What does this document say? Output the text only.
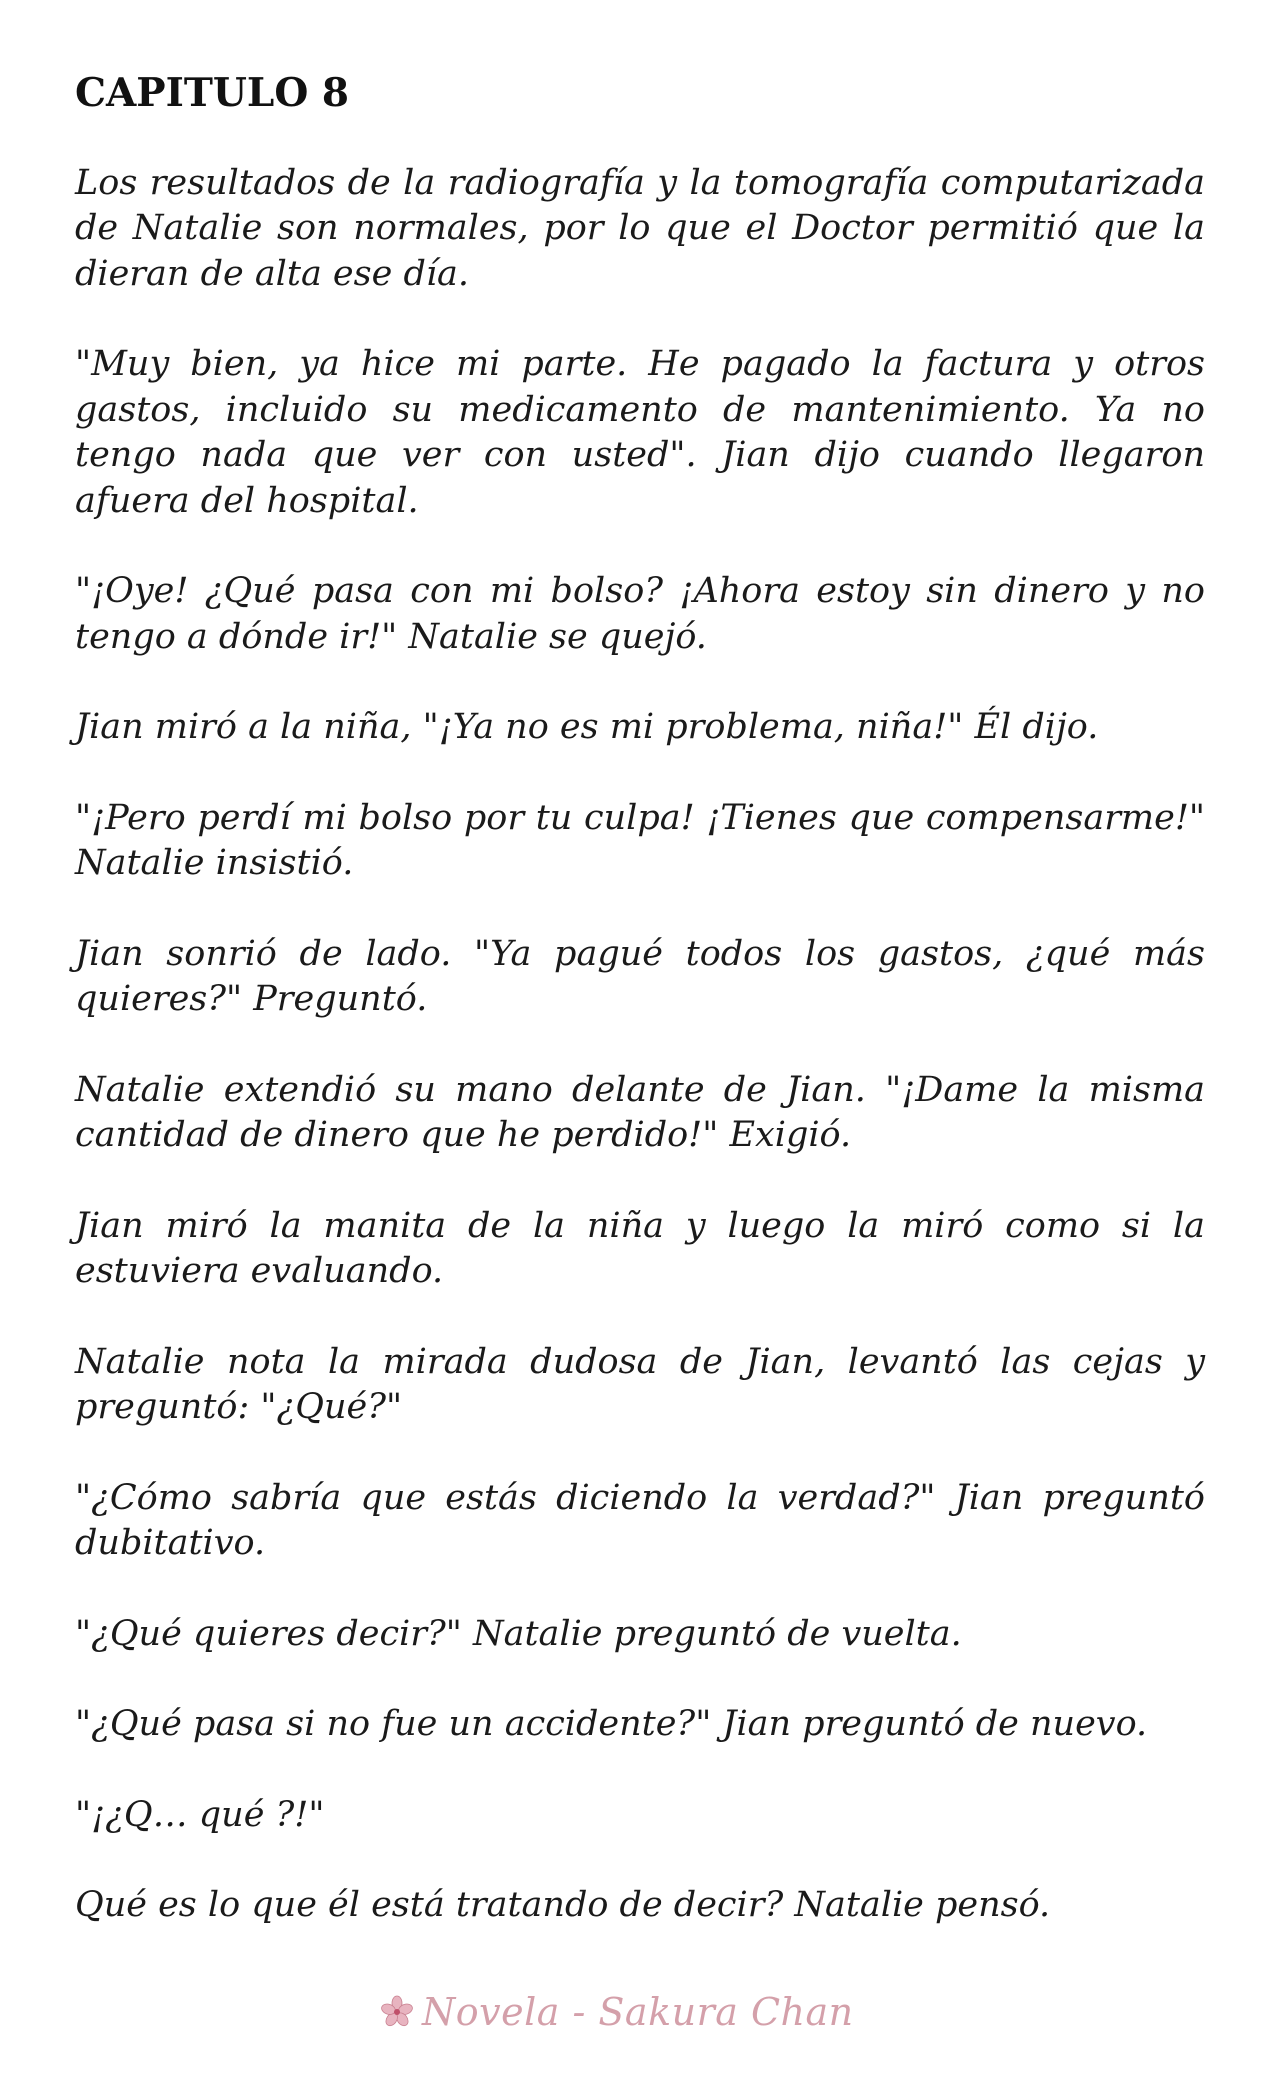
CAPITULO 8

Los resultados de la radiografía y la tomografía computarizada de Natalie son normales, por lo que el Doctor permitió que la dieran de alta ese día.

"Muy bien, ya hice mi parte. He pagado la factura y otros gastos, incluido su medicamento de mantenimiento. Ya no tengo nada que ver con usted". Jian dijo cuando llegaron afuera del hospital.

"¡Oye! ¿Qué pasa con mi bolso? ¡Ahora estoy sin dinero y no tengo a dónde ir!" Natalie se quejó.

Jian miró a la niña, "¡Ya no es mi problema, niña!" Él dijo.

"¡Pero perdí mi bolso por tu culpa! ¡Tienes que compensarme!" Natalie insistió.

Jian sonrió de lado. "Ya pagué todos los gastos, ¿qué más quieres?" Preguntó.

Natalie extendió su mano delante de Jian. "¡Dame la misma cantidad de dinero que he perdido!" Exigió.

Jian miró la manita de la niña y luego la miró como si la estuviera evaluando.

Natalie nota la mirada dudosa de Jian, levantó las cejas y preguntó: "¿Qué?"

"¿Cómo sabría que estás diciendo la verdad?" Jian preguntó dubitativo.

"¿Qué quieres decir?" Natalie preguntó de vuelta.

"¿Qué pasa si no fue un accidente?" Jian preguntó de nuevo.

"¡¿Q… qué ?!"

Qué es lo que él está tratando de decir? Natalie pensó.

Novela - Sakura Chan
